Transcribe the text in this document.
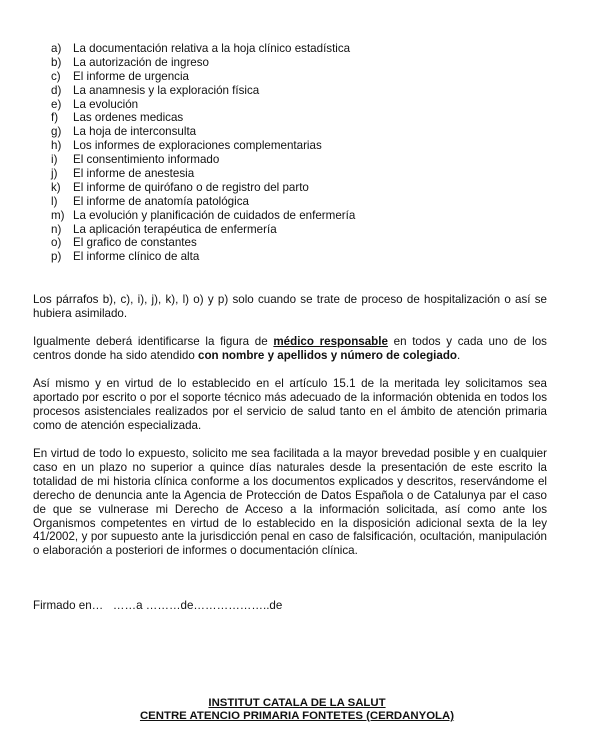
a) La documentación relativa a la hoja clínico estadística
b) La autorización de ingreso
c) El informe de urgencia
d) La anamnesis y la exploración física
e) La evolución
f) Las ordenes medicas
g) La hoja de interconsulta
h) Los informes de exploraciones complementarias
i) El consentimiento informado
j) El informe de anestesia
k) El informe de quirófano o de registro del parto
l) El informe de anatomía patológica
m) La evolución y planificación de cuidados de enfermería
n) La aplicación terapéutica de enfermería
o) El grafico de constantes
p) El informe clínico de alta

Los párrafos b), c), i), j), k), l) o) y p) solo cuando se trate de proceso de hospitalización o así se hubiera asimilado.

Igualmente deberá identificarse la figura de médico responsable en todos y cada uno de los centros donde ha sido atendido con nombre y apellidos y número de colegiado.

Así mismo y en virtud de lo establecido en el artículo 15.1 de la meritada ley solicitamos sea aportado por escrito o por el soporte técnico más adecuado de la información obtenida en todos los procesos asistenciales realizados por el servicio de salud tanto en el ámbito de atención primaria como de atención especializada.

En virtud de todo lo expuesto, solicito me sea facilitada a la mayor brevedad posible y en cualquier caso en un plazo no superior a quince días naturales desde la presentación de este escrito la totalidad de mi historia clínica conforme a los documentos explicados y descritos, reservándome el derecho de denuncia ante la Agencia de Protección de Datos Española o de Catalunya par el caso de que se vulnerase mi Derecho de Acceso a la información solicitada, así como ante los Organismos competentes en virtud de lo establecido en la disposición adicional sexta de la ley 41/2002, y por supuesto ante la jurisdicción penal en caso de falsificación, ocultación, manipulación o elaboración a posteriori de informes o documentación clínica.

Firmado en…   ……a ………de………………..de
INSTITUT CATALA DE LA SALUT
CENTRE ATENCIO PRIMARIA FONTETES (CERDANYOLA)
